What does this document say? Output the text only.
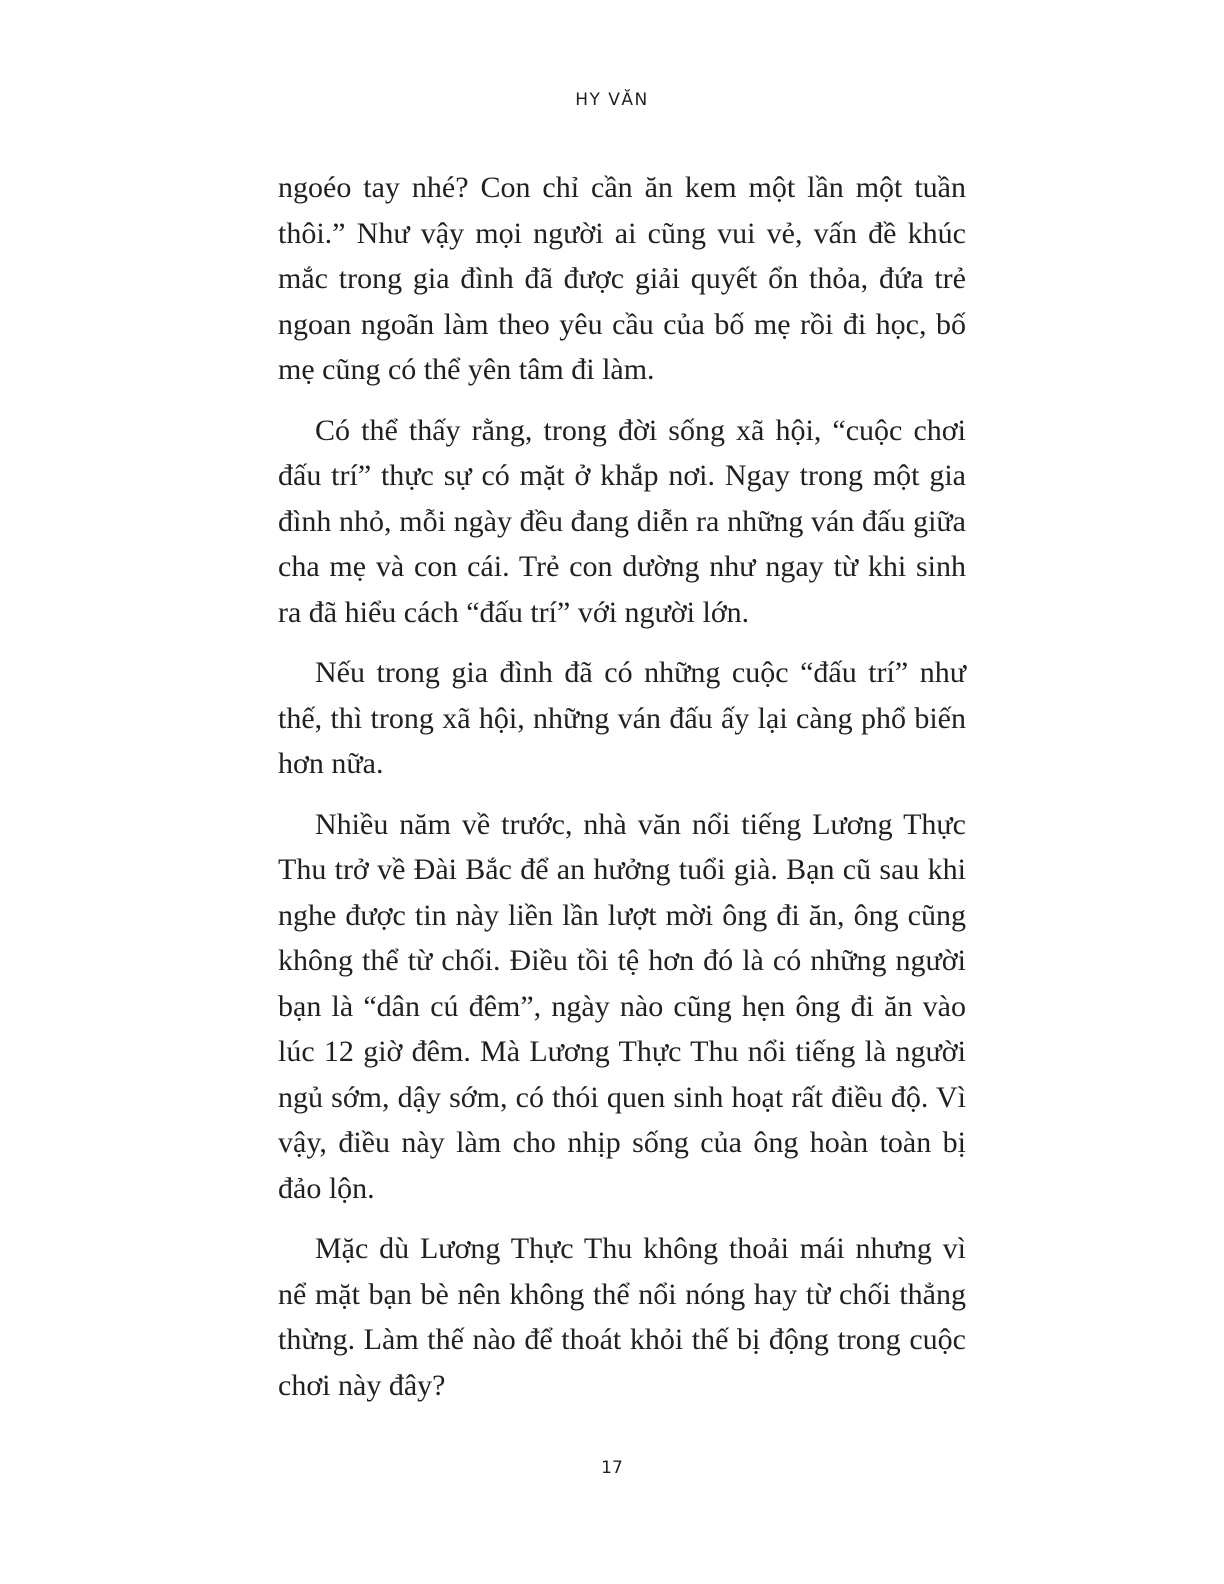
HY VĂN

ngoéo tay nhé? Con chỉ cần ăn kem một lần một tuần thôi.” Như vậy mọi người ai cũng vui vẻ, vấn đề khúc mắc trong gia đình đã được giải quyết ổn thỏa, đứa trẻ ngoan ngoãn làm theo yêu cầu của bố mẹ rồi đi học, bố mẹ cũng có thể yên tâm đi làm.

Có thể thấy rằng, trong đời sống xã hội, “cuộc chơi đấu trí” thực sự có mặt ở khắp nơi. Ngay trong một gia đình nhỏ, mỗi ngày đều đang diễn ra những ván đấu giữa cha mẹ và con cái. Trẻ con dường như ngay từ khi sinh ra đã hiểu cách “đấu trí” với người lớn.

Nếu trong gia đình đã có những cuộc “đấu trí” như thế, thì trong xã hội, những ván đấu ấy lại càng phổ biến hơn nữa.

Nhiều năm về trước, nhà văn nổi tiếng Lương Thực Thu trở về Đài Bắc để an hưởng tuổi già. Bạn cũ sau khi nghe được tin này liền lần lượt mời ông đi ăn, ông cũng không thể từ chối. Điều tồi tệ hơn đó là có những người bạn là “dân cú đêm”, ngày nào cũng hẹn ông đi ăn vào lúc 12 giờ đêm. Mà Lương Thực Thu nổi tiếng là người ngủ sớm, dậy sớm, có thói quen sinh hoạt rất điều độ. Vì vậy, điều này làm cho nhịp sống của ông hoàn toàn bị đảo lộn.

Mặc dù Lương Thực Thu không thoải mái nhưng vì nể mặt bạn bè nên không thể nổi nóng hay từ chối thẳng thừng. Làm thế nào để thoát khỏi thế bị động trong cuộc chơi này đây?

17
